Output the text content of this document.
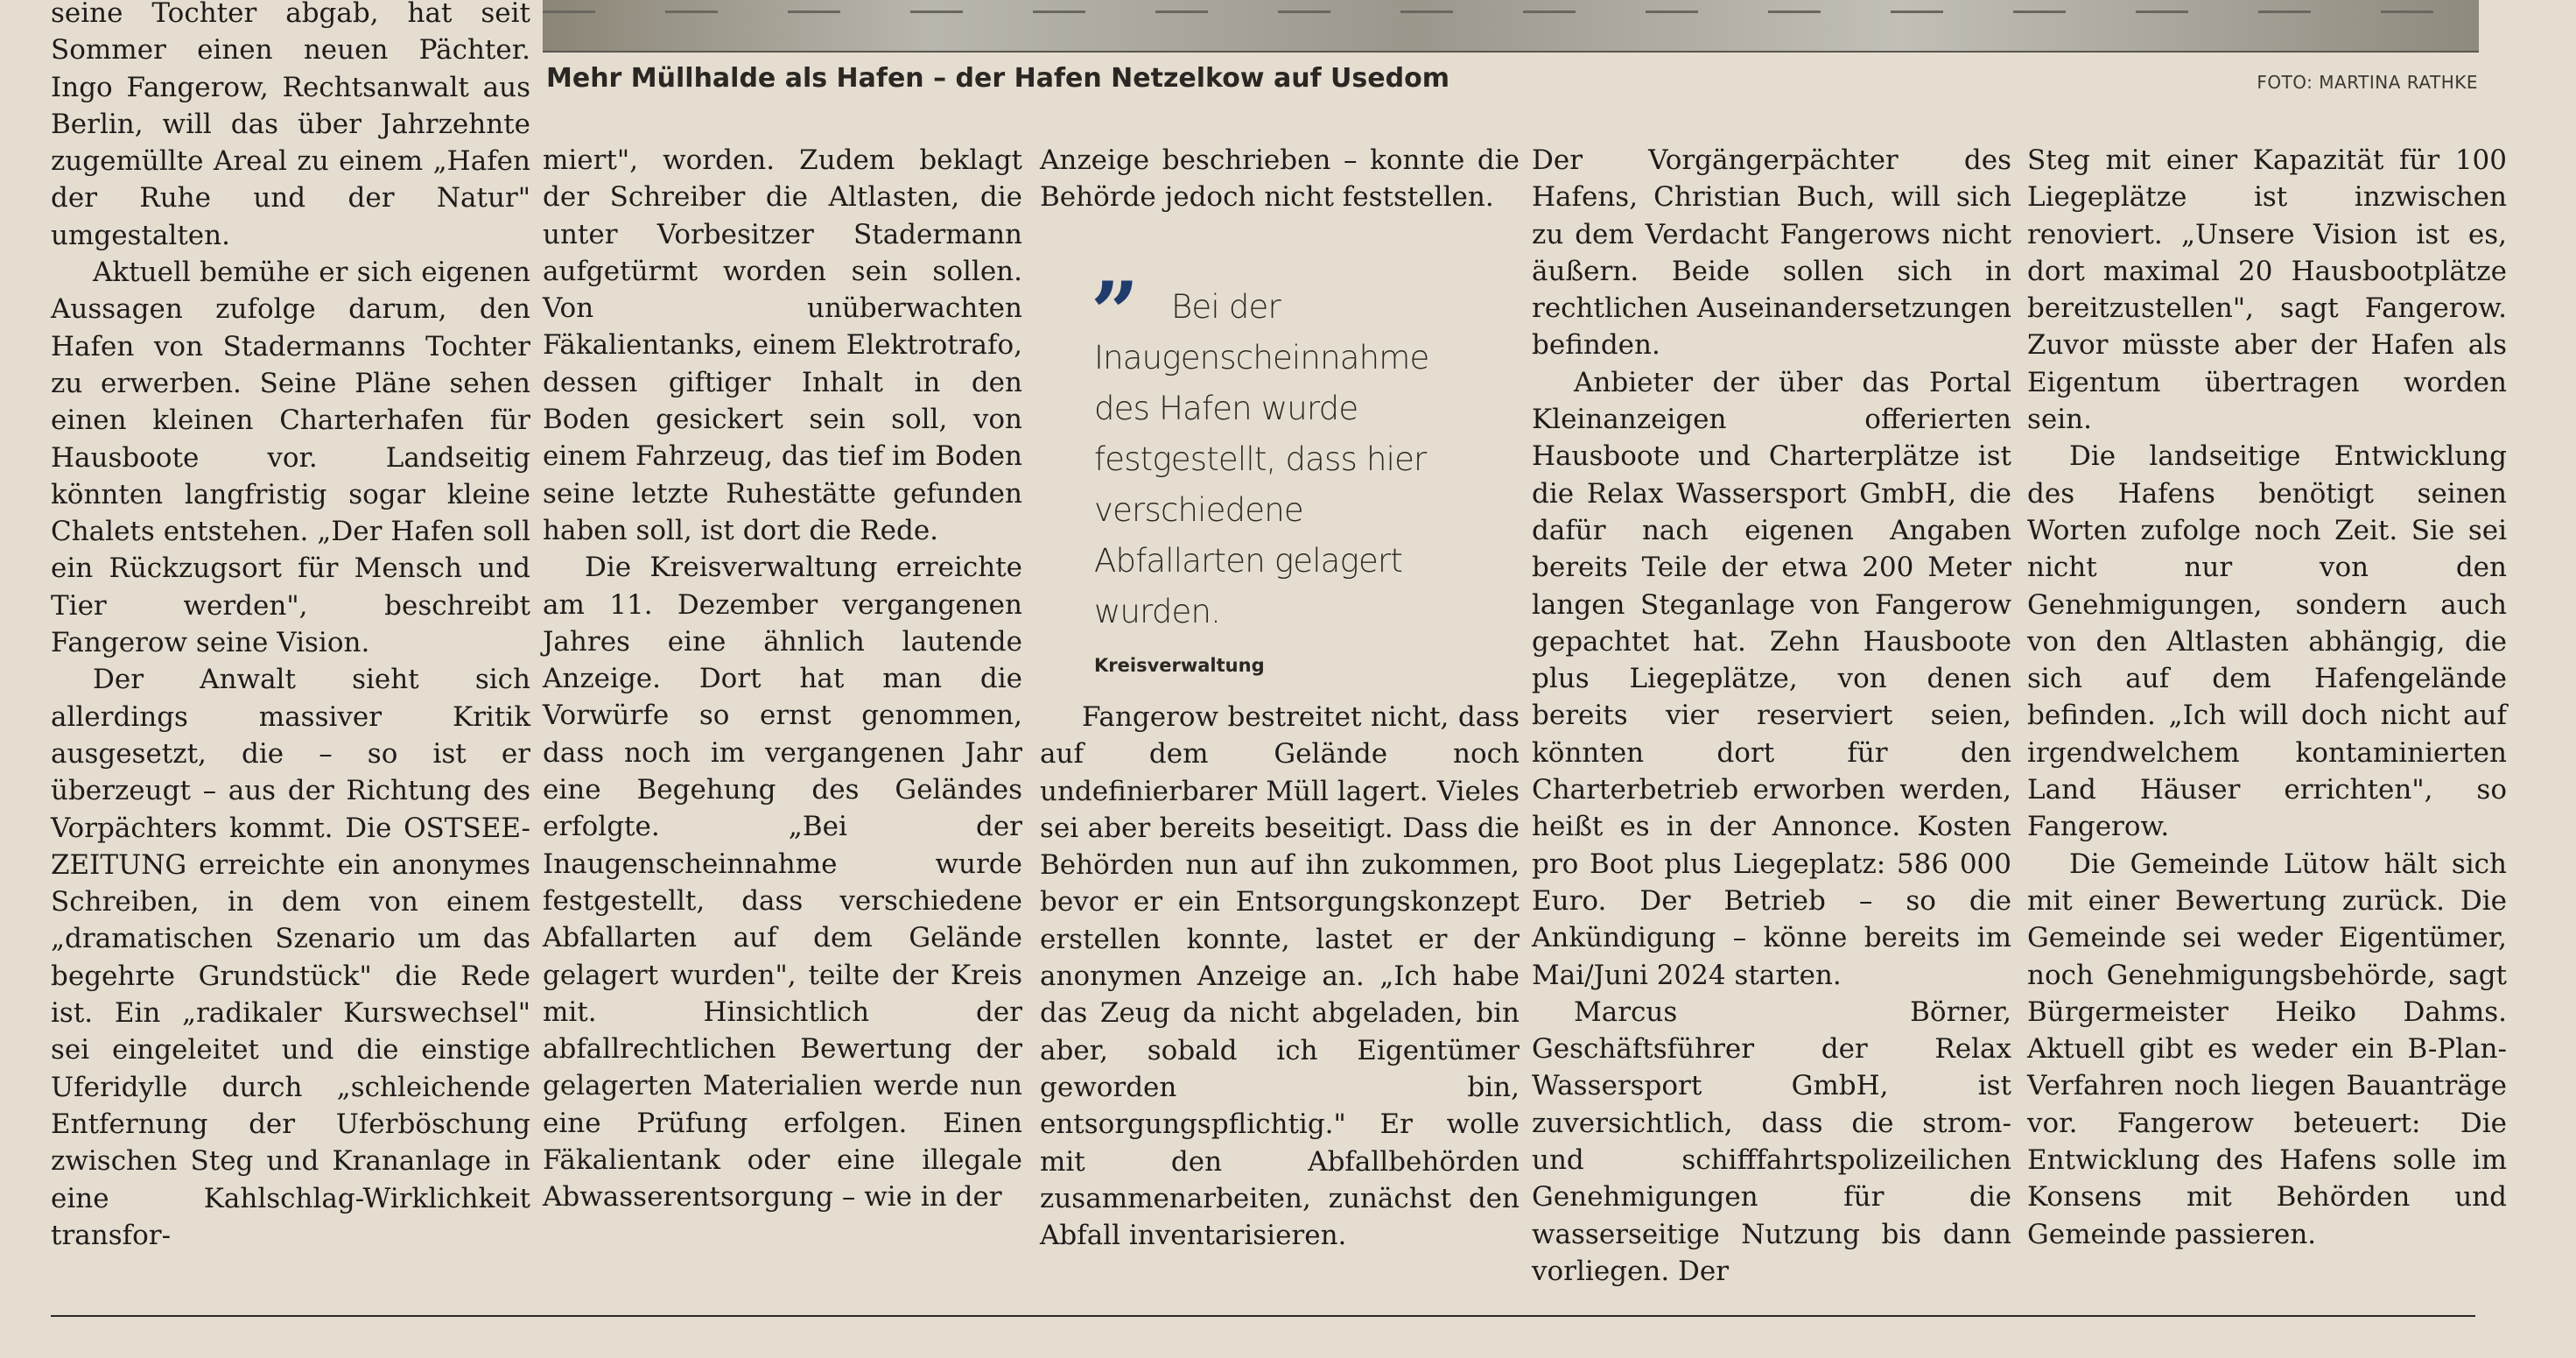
Mehr Müllhalde als Hafen – der Hafen Netzelkow auf Usedom	FOTO: MARTINA RATHKE

seine Tochter abgab, hat seit Sommer einen neuen Pächter. Ingo Fangerow, Rechtsanwalt aus Berlin, will das über Jahrzehnte zugemüllte Areal zu einem „Hafen der Ruhe und der Natur" umgestalten.

Aktuell bemühe er sich eigenen Aussagen zufolge darum, den Hafen von Stadermanns Tochter zu erwerben. Seine Pläne sehen einen kleinen Charterhafen für Hausboote vor. Landseitig könnten langfristig sogar kleine Chalets entstehen. „Der Hafen soll ein Rückzugsort für Mensch und Tier werden", beschreibt Fangerow seine Vision.

Der Anwalt sieht sich allerdings massiver Kritik ausgesetzt, die – so ist er überzeugt – aus der Richtung des Vorpächters kommt. Die OSTSEE-ZEITUNG erreichte ein anonymes Schreiben, in dem von einem „dramatischen Szenario um das begehrte Grundstück" die Rede ist. Ein „radikaler Kurswechsel" sei eingeleitet und die einstige Uferidylle durch „schleichende Entfernung der Uferböschung zwischen Steg und Krananlage in eine Kahlschlag-Wirklichkeit transfor-

miert", worden. Zudem beklagt der Schreiber die Altlasten, die unter Vorbesitzer Stadermann aufgetürmt worden sein sollen. Von unüberwachten Fäkalientanks, einem Elektrotrafo, dessen giftiger Inhalt in den Boden gesickert sein soll, von einem Fahrzeug, das tief im Boden seine letzte Ruhestätte gefunden haben soll, ist dort die Rede.

Die Kreisverwaltung erreichte am 11. Dezember vergangenen Jahres eine ähnlich lautende Anzeige. Dort hat man die Vorwürfe so ernst genommen, dass noch im vergangenen Jahr eine Begehung des Geländes erfolgte. „Bei der Inaugenscheinnahme wurde festgestellt, dass verschiedene Abfallarten auf dem Gelände gelagert wurden", teilte der Kreis mit. Hinsichtlich der abfallrechtlichen Bewertung der gelagerten Materialien werde nun eine Prüfung erfolgen. Einen Fäkalientank oder eine illegale Abwasserentsorgung – wie in der

Anzeige beschrieben – konnte die Behörde jedoch nicht feststellen.

Fangerow bestreitet nicht, dass auf dem Gelände noch undefinierbarer Müll lagert. Vieles sei aber bereits beseitigt. Dass die Behörden nun auf ihn zukommen, bevor er ein Entsorgungskonzept erstellen konnte, lastet er der anonymen Anzeige an. „Ich habe das Zeug da nicht abgeladen, bin aber, sobald ich Eigentümer geworden bin, entsorgungspflichtig." Er wolle mit den Abfallbehörden zusammenarbeiten, zunächst den Abfall inventarisieren.

” Bei der Inaugenscheinnahme des Hafen wurde festgestellt, dass hier verschiedene Abfallarten gelagert wurden.

Kreisverwaltung

Der Vorgängerpächter des Hafens, Christian Buch, will sich zu dem Verdacht Fangerows nicht äußern. Beide sollen sich in rechtlichen Auseinandersetzungen befinden.

Anbieter der über das Portal Kleinanzeigen offerierten Hausboote und Charterplätze ist die Relax Wassersport GmbH, die dafür nach eigenen Angaben bereits Teile der etwa 200 Meter langen Steganlage von Fangerow gepachtet hat. Zehn Hausboote plus Liegeplätze, von denen bereits vier reserviert seien, könnten dort für den Charterbetrieb erworben werden, heißt es in der Annonce. Kosten pro Boot plus Liegeplatz: 586 000 Euro. Der Betrieb – so die Ankündigung – könne bereits im Mai/Juni 2024 starten.

Marcus Börner, Geschäftsführer der Relax Wassersport GmbH, ist zuversichtlich, dass die strom- und schifffahrtspolizeilichen Genehmigungen für die wasserseitige Nutzung bis dann vorliegen. Der

Steg mit einer Kapazität für 100 Liegeplätze ist inzwischen renoviert. „Unsere Vision ist es, dort maximal 20 Hausbootplätze bereitzustellen", sagt Fangerow. Zuvor müsste aber der Hafen als Eigentum übertragen worden sein.

Die landseitige Entwicklung des Hafens benötigt seinen Worten zufolge noch Zeit. Sie sei nicht nur von den Genehmigungen, sondern auch von den Altlasten abhängig, die sich auf dem Hafengelände befinden. „Ich will doch nicht auf irgendwelchem kontaminierten Land Häuser errichten", so Fangerow.

Die Gemeinde Lütow hält sich mit einer Bewertung zurück. Die Gemeinde sei weder Eigentümer, noch Genehmigungsbehörde, sagt Bürgermeister Heiko Dahms. Aktuell gibt es weder ein B-Plan-Verfahren noch liegen Bauanträge vor. Fangerow beteuert: Die Entwicklung des Hafens solle im Konsens mit Behörden und Gemeinde passieren.
